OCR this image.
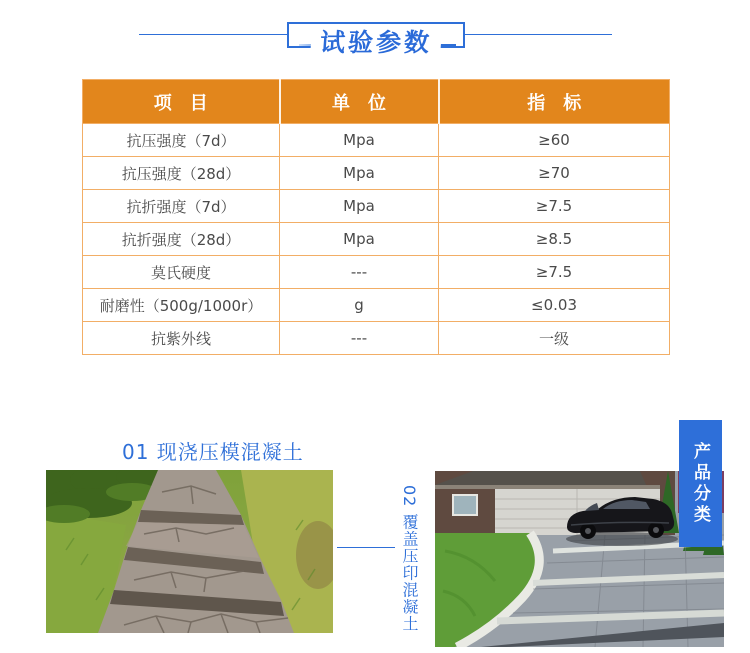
试验参数
项　目	单　位	指　标
抗压强度（7d）	Mpa	≥60
抗压强度（28d）	Mpa	≥70
抗折强度（7d）	Mpa	≥7.5
抗折强度（28d）	Mpa	≥8.5
莫氏硬度	---	≥7.5
耐磨性（500g/1000r）	g	≤0.03
抗紫外线	---	一级
01 现浇压模混凝土
02 覆盖压印混凝土
产品分类
